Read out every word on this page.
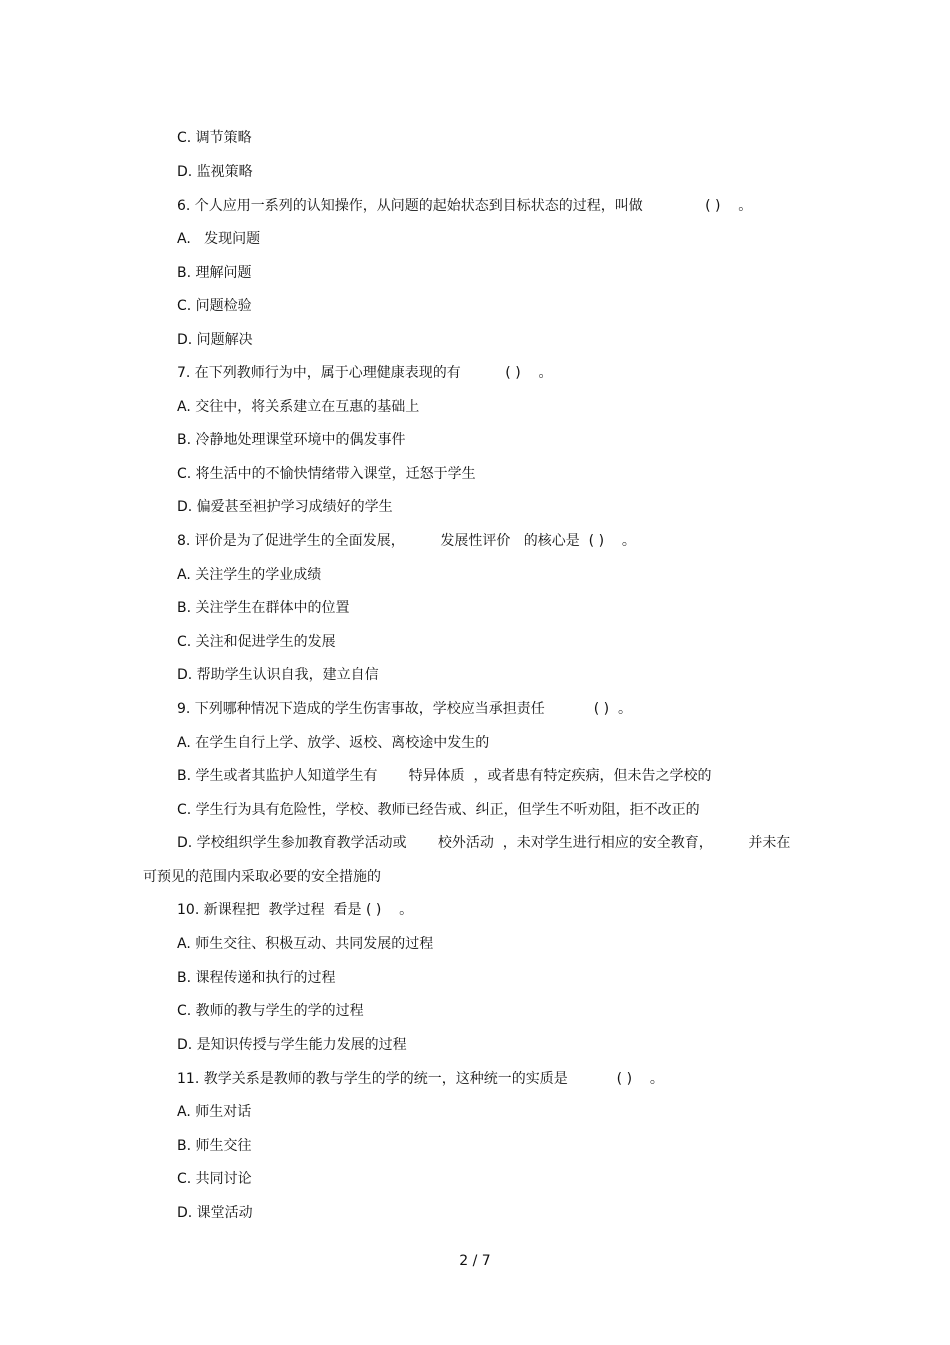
C. 调节策略
D. 监视策略
6. 个人应用一系列的认知操作，从问题的起始状态到目标状态的过程，叫做              ( )    。
A.   发现问题
B. 理解问题
C. 问题检验
D. 问题解决
7. 在下列教师行为中，属于心理健康表现的有          ( )    。
A. 交往中，将关系建立在互惠的基础上
B. 冷静地处理课堂环境中的偶发事件
C. 将生活中的不愉快情绪带入课堂，迁怒于学生
D. 偏爱甚至袒护学习成绩好的学生
8. 评价是为了促进学生的全面发展，        发展性评价   的核心是  ( )    。
A. 关注学生的学业成绩
B. 关注学生在群体中的位置
C. 关注和促进学生的发展
D. 帮助学生认识自我，建立自信
9. 下列哪种情况下造成的学生伤害事故，学校应当承担责任           ( )  。
A. 在学生自行上学、放学、返校、离校途中发生的
B. 学生或者其监护人知道学生有       特异体质  ，或者患有特定疾病，但未告之学校的
C. 学生行为具有危险性，学校、教师已经告戒、纠正，但学生不听劝阻，拒不改正的
D. 学校组织学生参加教育教学活动或       校外活动  ，未对学生进行相应的安全教育，        并未在
可预见的范围内采取必要的安全措施的
10. 新课程把  教学过程  看是 ( )    。
A. 师生交往、积极互动、共同发展的过程
B. 课程传递和执行的过程
C. 教师的教与学生的学的过程
D. 是知识传授与学生能力发展的过程
11. 教学关系是教师的教与学生的学的统一，这种统一的实质是           ( )    。
A. 师生对话
B. 师生交往
C. 共同讨论
D. 课堂活动
2 / 7
